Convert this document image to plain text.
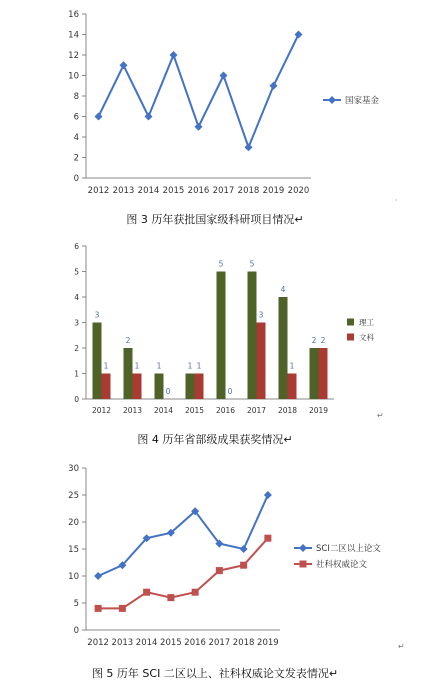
0
2
4
6
8
10
12
14
16
2012 2013 2014 2015 2016 2017 2018 2019 2020
国家基金
0
1
2
3
4
5
6
2012 2013 2014 2015 2016 2017 2018 2019
3
2
1	1
5	5
4
2
理工
1	1
0
1
0
3
1
2	文科
0
5
10
15
20
25
30
2012 2013 2014 2015 2016 2017 2018 2019
SCI二区以上论文
社科权威论文
图 3 历年获批国家级科研项目情况↵
图 4 历年省部级成果获奖情况↵
图 5 历年 SCI 二区以上、社科权威论文发表情况↵
·
↵
↵
